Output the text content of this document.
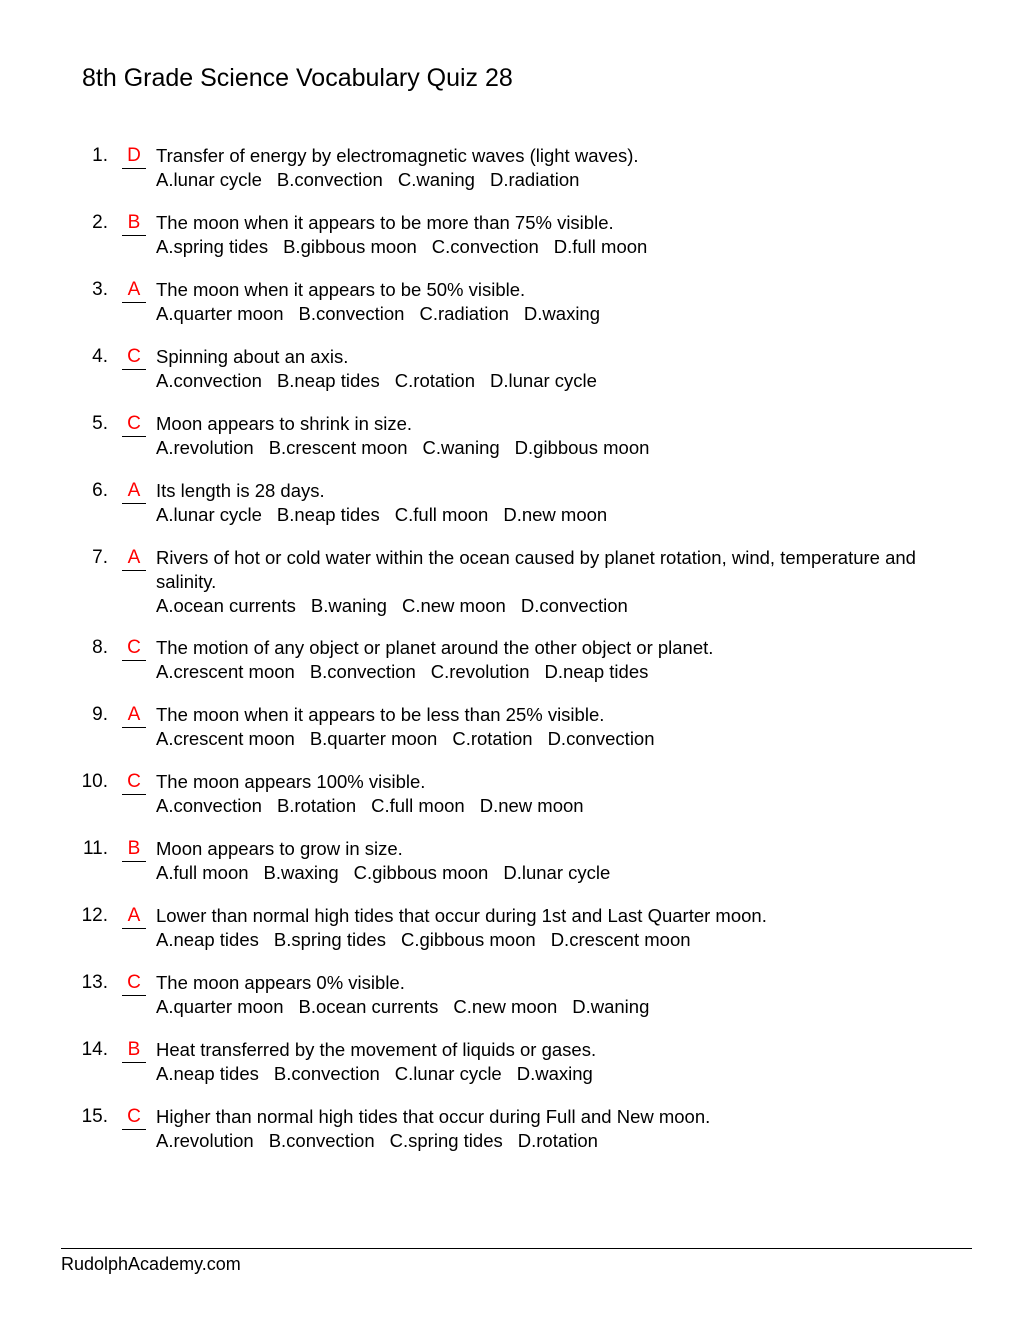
8th Grade Science Vocabulary Quiz 28
1. D Transfer of energy by electromagnetic waves (light waves).
A.lunar cycle B.convection C.waning D.radiation
2. B The moon when it appears to be more than 75% visible.
A.spring tides B.gibbous moon C.convection D.full moon
3. A The moon when it appears to be 50% visible.
A.quarter moon B.convection C.radiation D.waxing
4. C Spinning about an axis.
A.convection B.neap tides C.rotation D.lunar cycle
5. C Moon appears to shrink in size.
A.revolution B.crescent moon C.waning D.gibbous moon
6. A Its length is 28 days.
A.lunar cycle B.neap tides C.full moon D.new moon
7. A Rivers of hot or cold water within the ocean caused by planet rotation, wind, temperature and salinity.
A.ocean currents B.waning C.new moon D.convection
8. C The motion of any object or planet around the other object or planet.
A.crescent moon B.convection C.revolution D.neap tides
9. A The moon when it appears to be less than 25% visible.
A.crescent moon B.quarter moon C.rotation D.convection
10. C The moon appears 100% visible.
A.convection B.rotation C.full moon D.new moon
11. B Moon appears to grow in size.
A.full moon B.waxing C.gibbous moon D.lunar cycle
12. A Lower than normal high tides that occur during 1st and Last Quarter moon.
A.neap tides B.spring tides C.gibbous moon D.crescent moon
13. C The moon appears 0% visible.
A.quarter moon B.ocean currents C.new moon D.waning
14. B Heat transferred by the movement of liquids or gases.
A.neap tides B.convection C.lunar cycle D.waxing
15. C Higher than normal high tides that occur during Full and New moon.
A.revolution B.convection C.spring tides D.rotation
RudolphAcademy.com
